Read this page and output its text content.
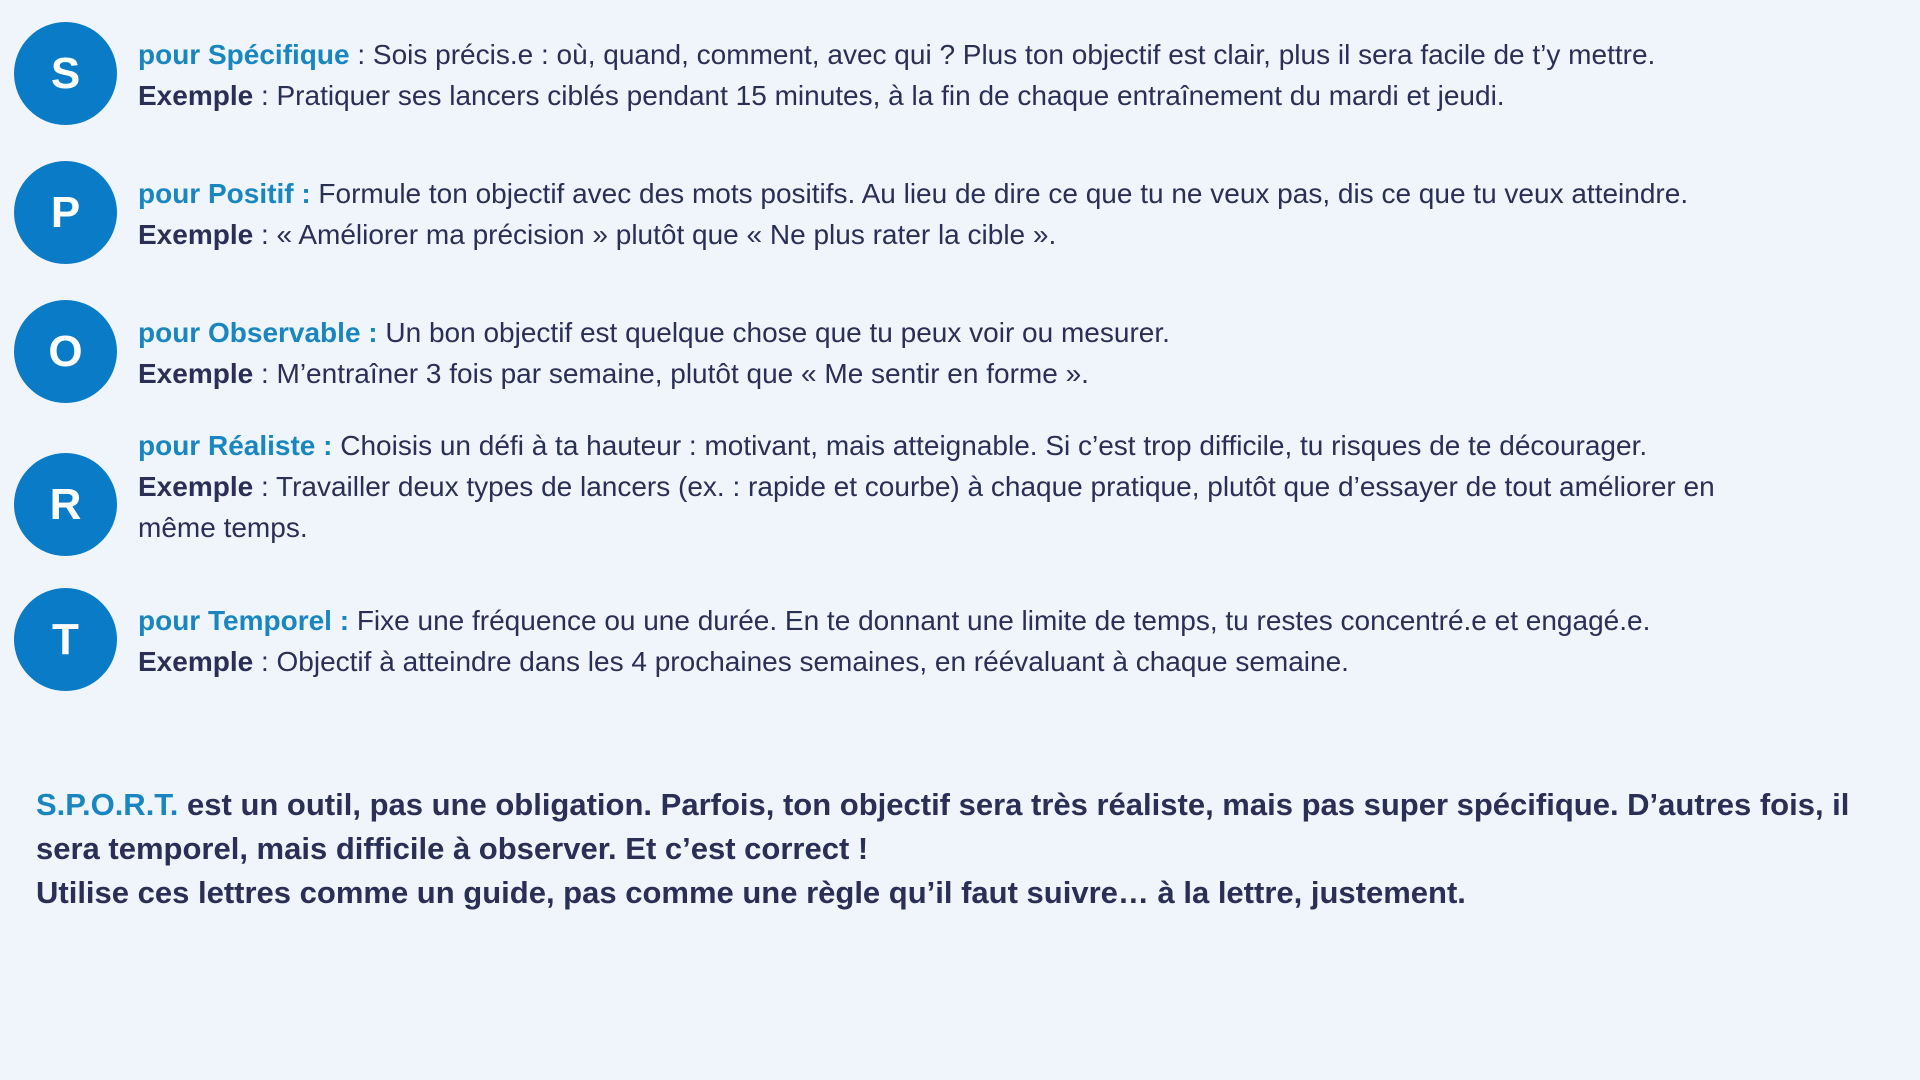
S	pour Spécifique : Sois précis.e : où, quand, comment, avec qui ? Plus ton objectif est clair, plus il sera facile de t’y mettre.
Exemple : Pratiquer ses lancers ciblés pendant 15 minutes, à la fin de chaque entraînement du mardi et jeudi.
P	pour Positif : Formule ton objectif avec des mots positifs. Au lieu de dire ce que tu ne veux pas, dis ce que tu veux atteindre.
Exemple : « Améliorer ma précision » plutôt que « Ne plus rater la cible ».
O	pour Observable : Un bon objectif est quelque chose que tu peux voir ou mesurer.
Exemple : M’entraîner 3 fois par semaine, plutôt que « Me sentir en forme ».
R
pour Réaliste : Choisis un défi à ta hauteur : motivant, mais atteignable. Si c’est trop difficile, tu risques de te décourager.
Exemple : Travailler deux types de lancers (ex. : rapide et courbe) à chaque pratique, plutôt que d’essayer de tout améliorer en même temps.
T	pour Temporel : Fixe une fréquence ou une durée. En te donnant une limite de temps, tu restes concentré.e et engagé.e.
Exemple : Objectif à atteindre dans les 4 prochaines semaines, en réévaluant à chaque semaine.
S.P.O.R.T. est un outil, pas une obligation. Parfois, ton objectif sera très réaliste, mais pas super spécifique. D’autres fois, il sera temporel, mais difficile à observer. Et c’est correct !
Utilise ces lettres comme un guide, pas comme une règle qu’il faut suivre… à la lettre, justement.
